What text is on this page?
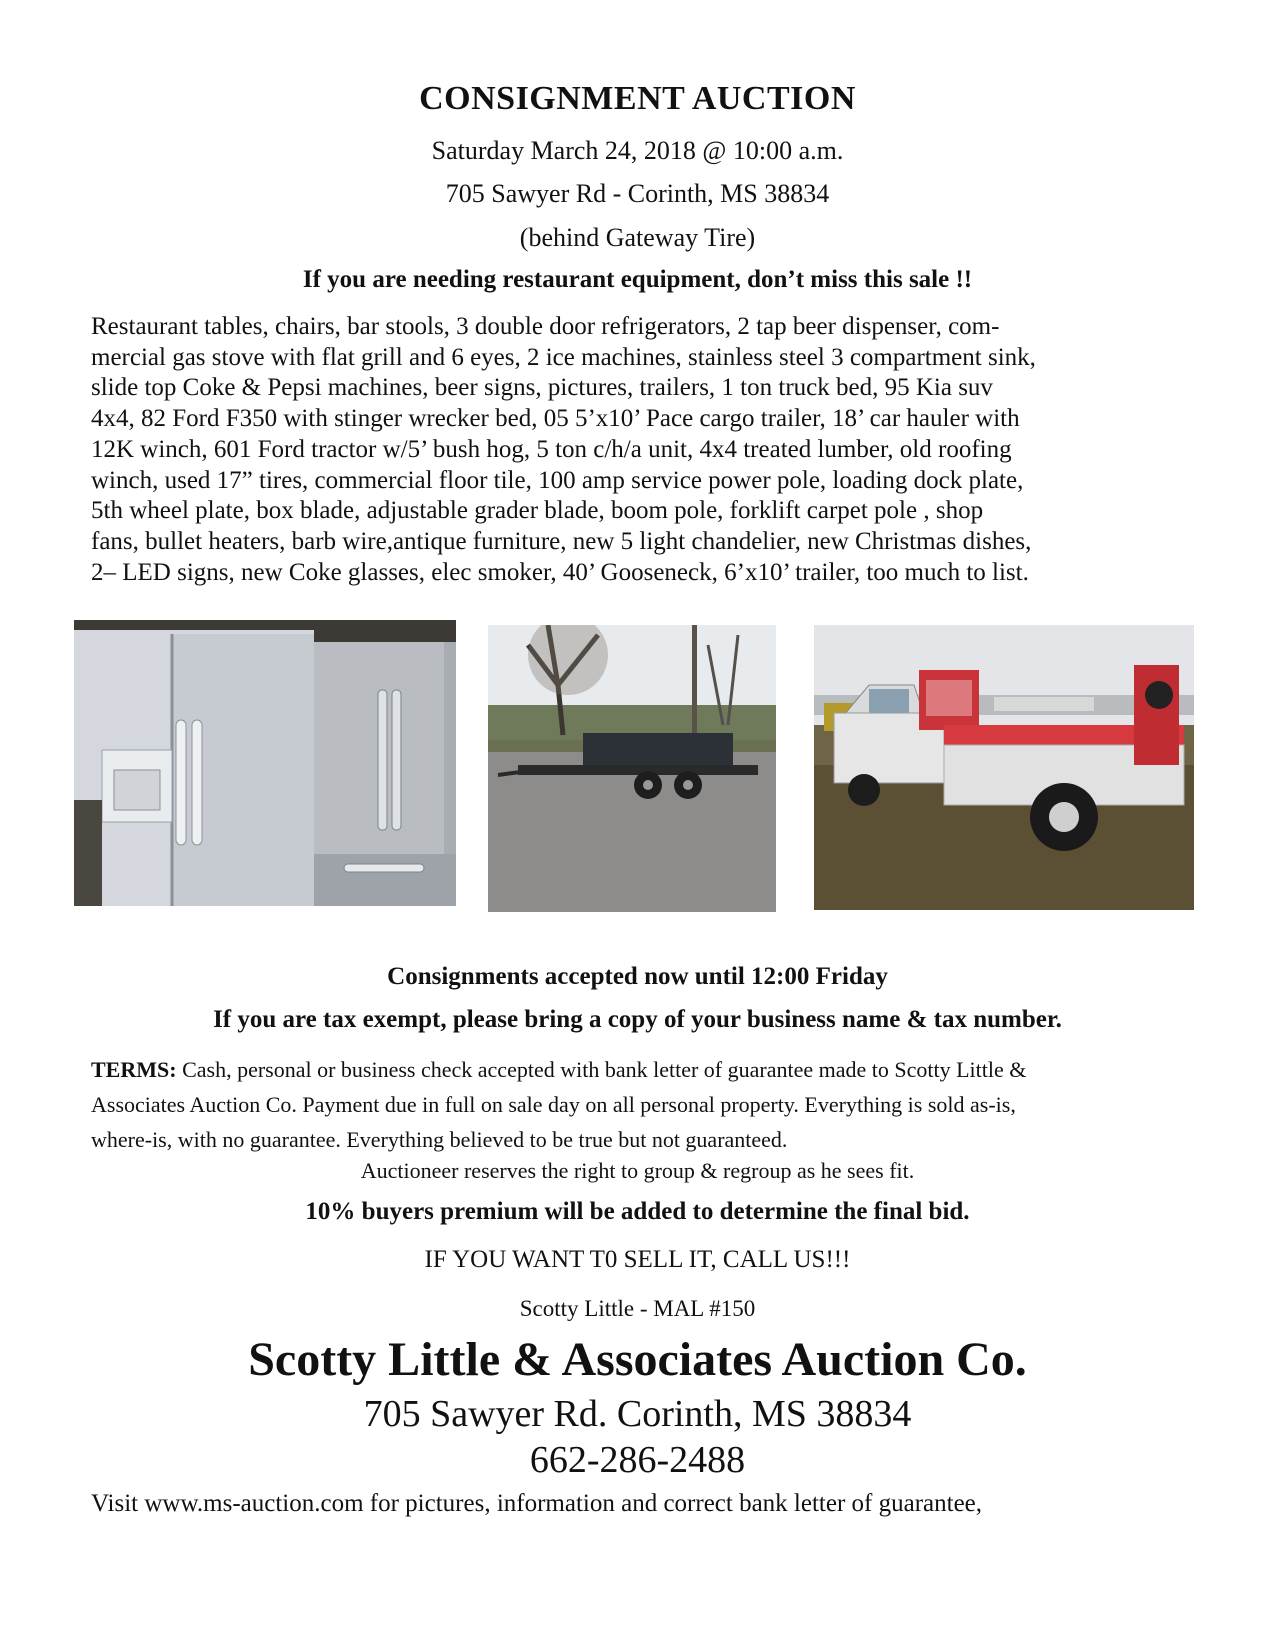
CONSIGNMENT AUCTION
Saturday March 24, 2018 @ 10:00 a.m.
705 Sawyer Rd - Corinth, MS 38834
(behind Gateway Tire)
If you are needing restaurant equipment, don’t miss this sale !!
Restaurant tables, chairs, bar stools, 3 double door refrigerators, 2 tap beer dispenser, com-
mercial gas stove with flat grill and 6 eyes, 2 ice machines, stainless steel 3 compartment sink,
slide top Coke & Pepsi machines, beer signs, pictures, trailers, 1 ton truck bed, 95 Kia suv
4x4, 82 Ford F350 with stinger wrecker bed, 05 5’x10’ Pace cargo trailer, 18’ car hauler with
12K winch, 601 Ford tractor w/5’ bush hog, 5 ton c/h/a unit, 4x4 treated lumber, old roofing
winch, used 17” tires, commercial floor tile, 100 amp service power pole, loading dock plate,
5th wheel plate, box blade, adjustable grader blade, boom pole, forklift carpet pole , shop
fans, bullet heaters, barb wire,antique furniture, new 5 light chandelier, new Christmas dishes,
2– LED signs, new Coke glasses, elec smoker, 40’ Gooseneck, 6’x10’ trailer, too much to list.
Consignments accepted now until 12:00 Friday
If you are tax exempt, please bring a copy of your business name & tax number.
TERMS: Cash, personal or business check accepted with bank letter of guarantee made to Scotty Little &
Associates Auction Co. Payment due in full on sale day on all personal property. Everything is sold as-is,
where-is, with no guarantee. Everything believed to be true but not guaranteed.
Auctioneer reserves the right to group & regroup as he sees fit.
10% buyers premium will be added to determine the final bid.
IF YOU WANT T0 SELL IT, CALL US!!!
Scotty Little - MAL #150
Scotty Little & Associates Auction Co.
705 Sawyer Rd. Corinth, MS 38834
662-286-2488
Visit www.ms-auction.com for pictures, information and correct bank letter of guarantee,
